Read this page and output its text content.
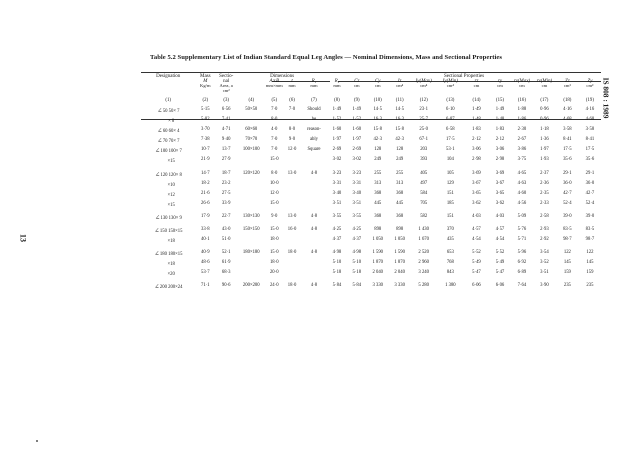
Table 5.2 Supplementary List of Indian Standard Equal Leg Angles — Nominal Dimensions, Mass and Sectional Properties
IS 808 : 1989
13
Designation	Mass	Sectio-	Dimensions				Sectional Properties											
	M	nal		A×B	t	R₁	R₂	Cz	Cy	Iz	Iy(Max)	Iy(Min)	rz	ry	rv(Max)	rv(Min)	Zz	Zy
	Kg/m	Area, a		mm×mm	mm	mm	mm	cm	cm	cm⁴	cm⁴	cm⁴	cm	cm	cm	cm	cm³	cm³
		cm²																
(1)	(2)	(3)	(4)	(5)	(6)	(7)	(8)	(9)	(10)	(11)	(12)	(13)	(14)	(15)	(16)	(17)	(18)	(19)
∠50 50× 7	5·15	6·56	50×50	7·0	7·0	Should	1·49	1·49	14·5	14·5	23·1	6·10	1·49	1·49	1·88	0·96	4·16	4·16
× 8	5·82	7·41		8·0		be	1·52	1·52	16·3	16·3	25·7	6·87	1·48	1·48	1·86	0·96	4·68	4·68
∠60 60× 4	3·70	4·71	60×60	4·0	8·0	reason-	1·60	1·60	15·8	15·8	25·0	6·58	1·83	1·83	2·30	1·18	3·58	3·58
∠70 70× 7	7·38	9·40	70×70	7·0	9·0	ably	1·97	1·97	42·3	42·3	67·1	17·5	2·12	2·12	2·67	1·36	8·41	8·41
∠100 100× 7	10·7	13·7	100×100	7·0	12·0	Square	2·69	2·69	128	128	203	53·1	3·06	3·06	3·86	1·97	17·5	17·5
×15	21·9	27·9		15·0			3·02	3·02	249	249	393	104	2·98	2·98	3·75	1·93	35·6	35·6

∠120 120× 8	14·7	18·7	120×120	8·0	13·0	4·8	3·23	3·23	255	255	405	105	3·69	3·69	4·65	2·37	29·1	29·1
×10	18·2	23·2		10·0			3·31	3·31	313	313	497	129	3·67	3·67	4·63	2·36	36·0	36·0
×12	21·6	27·5		12·0			3·40	3·40	368	368	584	151	3·65	3·65	4·60	2·35	42·7	42·7
×15	26·6	33·9		15·0			3·51	3·51	445	445	705	185	3·62	3·62	4·56	2·33	52·4	52·4

∠130 130× 9	17·9	22·7	130×130	9·0	13·0	4·8	3·55	3·55	368	368	582	151	4·03	4·03	5·09	2·58	39·0	39·0

∠150 150×15	33·8	43·0	150×150	15·0	16·0	4·8	4·25	4·25	898	898	1 430	370	4·57	4·57	5·76	2·93	83·5	83·5
×18	40·1	51·0		18·0			4·37	4·37	1 050	1 050	1 670	435	4·54	4·54	5·71	2·92	98·7	98·7

∠180 180×15	40·9	52·1	180×180	15·0	18·0	4·8	4·98	4·98	1 590	1 590	2 520	653	5·52	5·52	5·96	3·54	122	122
×18	48·6	61·9		18·0			5·10	5·10	1 870	1 870	2 960	768	5·49	5·49	6·92	3·52	145	145
×20	53·7	68·3		20·0			5·18	5·18	2 040	2 040	3 240	843	5·47	5·47	6·89	3·51	159	159

∠200 200×24	71·1	90·6	200×200	24·0	18·0	4·8	5·84	5·84	3 330	3 330	5 280	1 380	6·06	6·06	7·64	3·90	235	235
